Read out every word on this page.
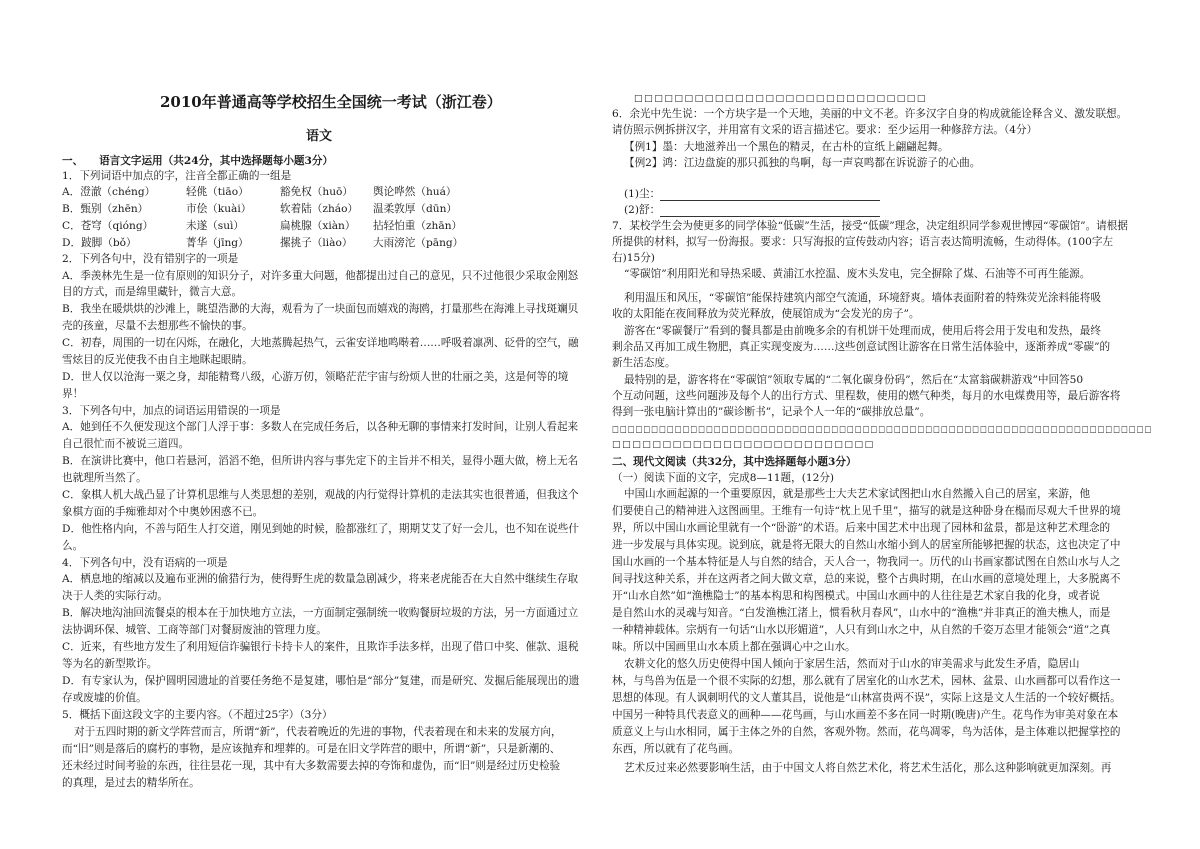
2010年普通高等学校招生全国统一考试（浙江卷）
语文
一、　　语言文字运用（共24分，其中选择题每小题3分）
1．下列词语中加点的字，注音全都正确的一组是
A．澄澈（chéng）	轻佻（tiāo）	豁免权（huō） 舆论哗然（huá）
B．甄别（zhēn）	市侩（kuài）	软着陆（zháo） 温柔敦厚（dūn）
C．苍穹（qióng）	未遂（suì）	扁桃腺（xiàn） 拈轻怕重（zhān）
D．跛脚（bǒ）	菁华（jīng）	摞挑子（liào） 大雨滂沱（pāng）
2．下列各句中，没有错别字的一项是
A．季羡林先生是一位有原则的知识分子，对许多重大问题，他都提出过自己的意见，只不过他很少采取金刚怒
目的方式，而是绵里藏针，微言大意。
B．我坐在暖烘烘的沙滩上，眺望浩渺的大海，观看为了一块面包而嬉戏的海鸥，打量那些在海滩上寻找斑斓贝
壳的孩童，尽量不去想那些不愉快的事。
C．初春，周围的一切在闪烁，在融化，大地蒸腾起热气，云雀安详地鸣啭着……呼吸着凛冽、砭骨的空气，融
雪炫目的反光使我不由自主地眯起眼睛。
D．世人仅以沧海一粟之身，却能精骛八级，心游万仞，领略茫茫宇宙与纷烦人世的壮丽之美，这是何等的境
界！
3．下列各句中，加点的词语运用错误的一项是
A．她到任不久便发现这个部门人浮于事：多数人在完成任务后，以各种无聊的事情来打发时间，让别人看起来
自己很忙而不被说三道四。
B．在演讲比赛中，他口若悬河，滔滔不绝，但所讲内容与事先定下的主旨并不相关，显得小题大做，榜上无名
也就理所当然了。
C．象棋人机大战凸显了计算机思维与人类思想的差别，观战的内行觉得计算机的走法其实也很普通，但我这个
象棋方面的手痴雅却对个中奥妙困惑不已。
D．他性格内向，不善与陌生人打交道，刚见到她的时候，脸都涨红了，期期艾艾了好一会儿，也不知在说些什
么。
4．下列各句中，没有语病的一项是
A．栖息地的缩减以及遍布亚洲的偷猎行为，使得野生虎的数量急剧减少，将来老虎能否在大自然中继续生存取
决于人类的实际行动。
B．解决地沟油回流餐桌的根本在于加快地方立法，一方面制定强制统一收购餐厨垃圾的方法，另一方面通过立
法协调环保、城管、工商等部门对餐厨废油的管理力度。
C．近来，有些地方发生了利用短信诈骗银行卡持卡人的案件，且欺诈手法多样，出现了借口中奖、催款、退税
等为名的新型欺诈。
D．有专家认为，保护圆明园遗址的首要任务绝不是复建，哪怕是“部分”复建，而是研究、发掘后能展现出的遗
存或废墟的价值。
5．概括下面这段文字的主要内容。（不超过25字）（3分）
对于五四时期的新文学阵营而言，所谓“新”，代表着晚近的先进的事物，代表着现在和未来的发展方向，
而“旧”则是落后的腐朽的事物，是应该抛弃和埋葬的。可是在旧文学阵营的眼中，所谓“新”，只是新潮的、
还未经过时间考验的东西，往往昙花一现，其中有大多数需要去掉的夸饰和虚伪，而“旧”则是经过历史检验
的真理，是过去的精华所在。
□□□□□□□□□□□□□□□□□□□□□□□□□□□□□
6．余光中先生说：一个方块字是一个天地，美丽的中文不老。许多汉字自身的构成就能诠释含义、激发联想。
请仿照示例拆拼汉字，并用富有文采的语言描述它。要求：至少运用一种修辞方法。（4分）
【例1】墨：大地滋养出一个黑色的精灵，在古朴的宣纸上翩翩起舞。
【例2】鸿：江边盘旋的那只孤独的鸟啊，每一声哀鸣都在诉说游子的心曲。
(1)尘：
(2)舒：
7．某校学生会为使更多的同学体验“低碳”生活，接受“低碳”理念，决定组织同学参观世博园“零碳馆”。请根据
所提供的材料，拟写一份海报。要求：只写海报的宣传鼓动内容；语言表达简明流畅，生动得体。(100字左
右)15分)
“零碳馆”利用阳光和导热采暖、黄浦江水控温、废木头发电，完全摒除了煤、石油等不可再生能源。
利用温压和风压，“零碳馆”能保持建筑内部空气流通，环境舒爽。墙体表面附着的特殊荧光涂料能将吸
收的太阳能在夜间释放为荧光释放，使展馆成为“会发光的房子”。
游客在“零碳餐厅”看到的餐具都是由前晚多余的有机饼干处理而成，使用后将会用于发电和发热，最终
剩余品又再加工成生物肥，真正实现变废为……这些创意试图让游客在日常生活体验中，逐渐养成“零碳”的
新生活态度。
最特别的是，游客将在“零碳馆”领取专属的“二氧化碳身份码”，然后在“太富翁碳耕游戏”中回答50
个互动问题，这些问题涉及每个人的出行方式、里程数，使用的燃气种类，每月的水电煤费用等，最后游客将
得到一张电脑计算出的”碳诊断书”，记录个人一年的“碳排放总量”。
□□□□□□□□□□□□□□□□□□□□□□□□□□□□□□□□□□□□□□□□□□□□□□□□□□□□□□□□□□□□□□□□□□□□□
□□□□□□□□□□□□□□□□□□□□□□□□□□
二、现代文阅读（共32分，其中选择题每小题3分）
（一）阅读下面的文字，完成8—11题，(12分)
中国山水画起源的一个重要原因，就是那些士大夫艺术家试图把山水自然搬入自己的居室，来游，他
们要使自己的精神进入这图画里。王维有一句诗“枕上见千里”，描写的就是这种卧身在榻而尽观大千世界的境
界，所以中国山水画论里就有一个“卧游”的术语。后来中国艺术中出现了园林和盆景，都是这种艺术理念的
进一步发展与具体实现。说到底，就是将无限大的自然山水缩小到人的居室所能够把握的状态，这也决定了中
国山水画的一个基本特征是人与自然的结合，天人合一，物我同一。历代的山书画家都试图在自然山水与人之
间寻找这种关系，并在这两者之间大做文章，总的来说，整个古典时期，在山水画的意境处理上，大多脱离不
开“山水自然”如“渔樵隐士”的基本构思和构图模式。中国山水画中的人往往是艺术家自我的化身，或者说
是自然山水的灵魂与知音。“白发渔樵江渚上，惯看秋月春风”，山水中的“渔樵”并非真正的渔夫樵人，而是
一种精神载体。宗炳有一句话“山水以形媚道”，人只有到山水之中，从自然的千姿万态里才能领会“道”之真
味。所以中国画里山水本质上都在强调心中之山水。
农耕文化的悠久历史使得中国人倾向于家居生活，然而对于山水的审美需求与此发生矛盾，隐居山
林，与鸟兽为伍是一个很不实际的幻想，那么就有了居室化的山水艺术，园林、盆景、山水画都可以看作这一
思想的体现。有人讽刺明代的文人董其昌，说他是“山林富贵两不误”，实际上这是文人生活的一个较好概括。
中国另一种特具代表意义的画种——花鸟画，与山水画差不多在同一时期(晚唐)产生。花鸟作为审美对象在本
质意义上与山水相同，属于主体之外的自然，客观外物。然而，花鸟凋零，鸟为活体，是主体难以把握掌控的
东西，所以就有了花鸟画。
艺术反过来必然要影响生活，由于中国文人将自然艺术化，将艺术生活化，那么这种影响就更加深刻。再
